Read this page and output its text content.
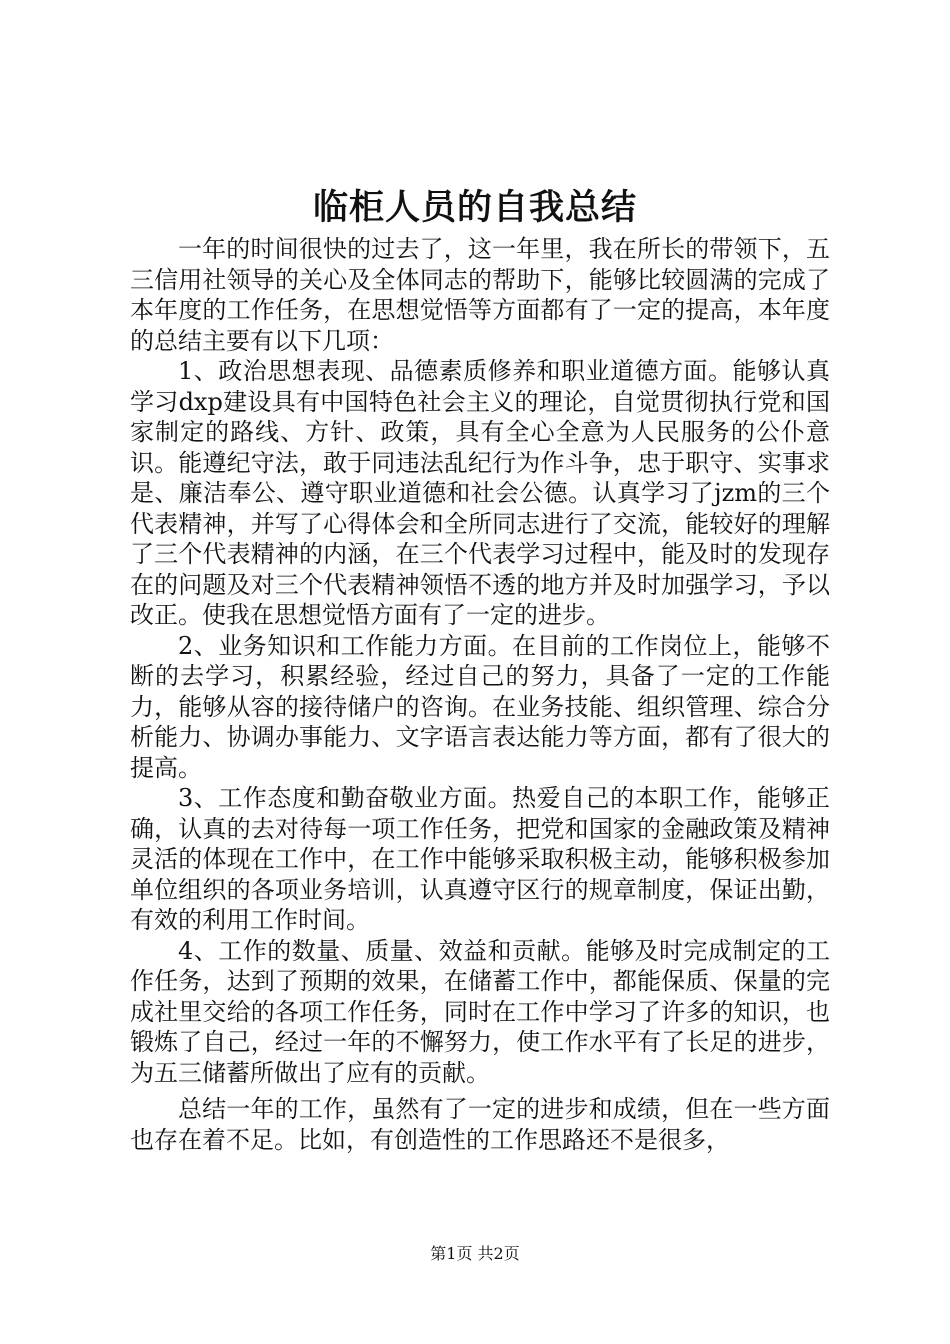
临柜人员的自我总结

一年的时间很快的过去了，这一年里，我在所长的带领下，五三信用社领导的关心及全体同志的帮助下，能够比较圆满的完成了本年度的工作任务，在思想觉悟等方面都有了一定的提高，本年度的总结主要有以下几项：

1、政治思想表现、品德素质修养和职业道德方面。能够认真学习dxp建设具有中国特色社会主义的理论，自觉贯彻执行党和国家制定的路线、方针、政策，具有全心全意为人民服务的公仆意识。能遵纪守法，敢于同违法乱纪行为作斗争，忠于职守、实事求是、廉洁奉公、遵守职业道德和社会公德。认真学习了jzm的三个代表精神，并写了心得体会和全所同志进行了交流，能较好的理解了三个代表精神的内涵，在三个代表学习过程中，能及时的发现存在的问题及对三个代表精神领悟不透的地方并及时加强学习，予以改正。使我在思想觉悟方面有了一定的进步。

2、业务知识和工作能力方面。在目前的工作岗位上，能够不断的去学习，积累经验，经过自己的努力，具备了一定的工作能力，能够从容的接待储户的咨询。在业务技能、组织管理、综合分析能力、协调办事能力、文字语言表达能力等方面，都有了很大的提高。

3、工作态度和勤奋敬业方面。热爱自己的本职工作，能够正确，认真的去对待每一项工作任务，把党和国家的金融政策及精神灵活的体现在工作中，在工作中能够采取积极主动，能够积极参加单位组织的各项业务培训，认真遵守区行的规章制度，保证出勤，有效的利用工作时间。

4、工作的数量、质量、效益和贡献。能够及时完成制定的工作任务，达到了预期的效果，在储蓄工作中，都能保质、保量的完成社里交给的各项工作任务，同时在工作中学习了许多的知识，也锻炼了自己，经过一年的不懈努力，使工作水平有了长足的进步，为五三储蓄所做出了应有的贡献。

总结一年的工作，虽然有了一定的进步和成绩，但在一些方面也存在着不足。比如，有创造性的工作思路还不是很多，

第1页 共2页
